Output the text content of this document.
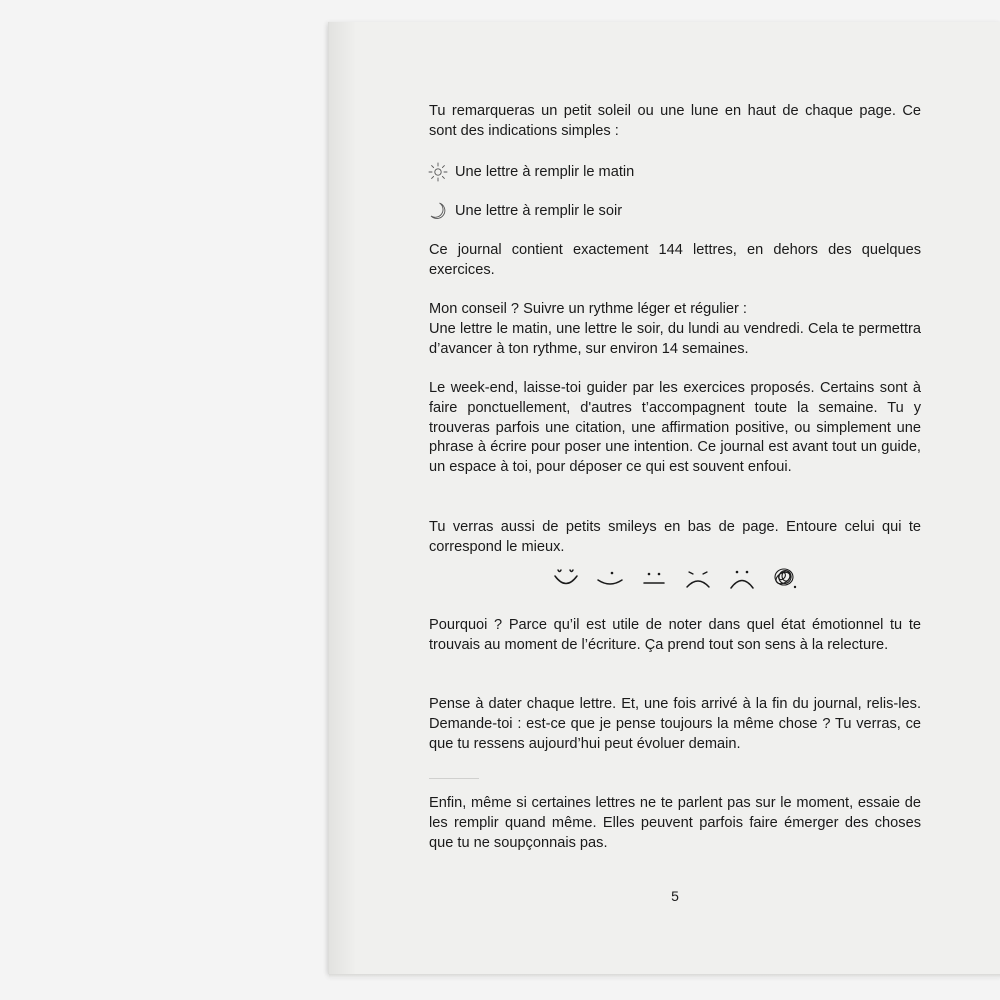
Tu remarqueras un petit soleil ou une lune en haut de chaque page. Ce sont des indications simples :

Une lettre à remplir le matin
Une lettre à remplir le soir

Ce journal contient exactement 144 lettres, en dehors des quelques exercices.

Mon conseil ? Suivre un rythme léger et régulier :

Une lettre le matin, une lettre le soir, du lundi au vendredi. Cela te permettra d’avancer à ton rythme, sur environ 14 semaines.

Le week-end, laisse-toi guider par les exercices proposés. Certains sont à faire ponctuellement, d'autres t’accompagnent toute la semaine. Tu y trouveras parfois une citation, une affirmation positive, ou simplement une phrase à écrire pour poser une intention. Ce journal est avant tout un guide, un espace à toi, pour déposer ce qui est souvent enfoui.

Tu verras aussi de petits smileys en bas de page. Entoure celui qui te correspond le mieux.

Pourquoi ? Parce qu’il est utile de noter dans quel état émotionnel tu te trouvais au moment de l’écriture. Ça prend tout son sens à la relecture.

Pense à dater chaque lettre. Et, une fois arrivé à la fin du journal, relis-les. Demande-toi : est-ce que je pense toujours la même chose ? Tu verras, ce que tu ressens aujourd’hui peut évoluer demain.

Enfin, même si certaines lettres ne te parlent pas sur le moment, essaie de les remplir quand même. Elles peuvent parfois faire émerger des choses que tu ne soupçonnais pas.

5
